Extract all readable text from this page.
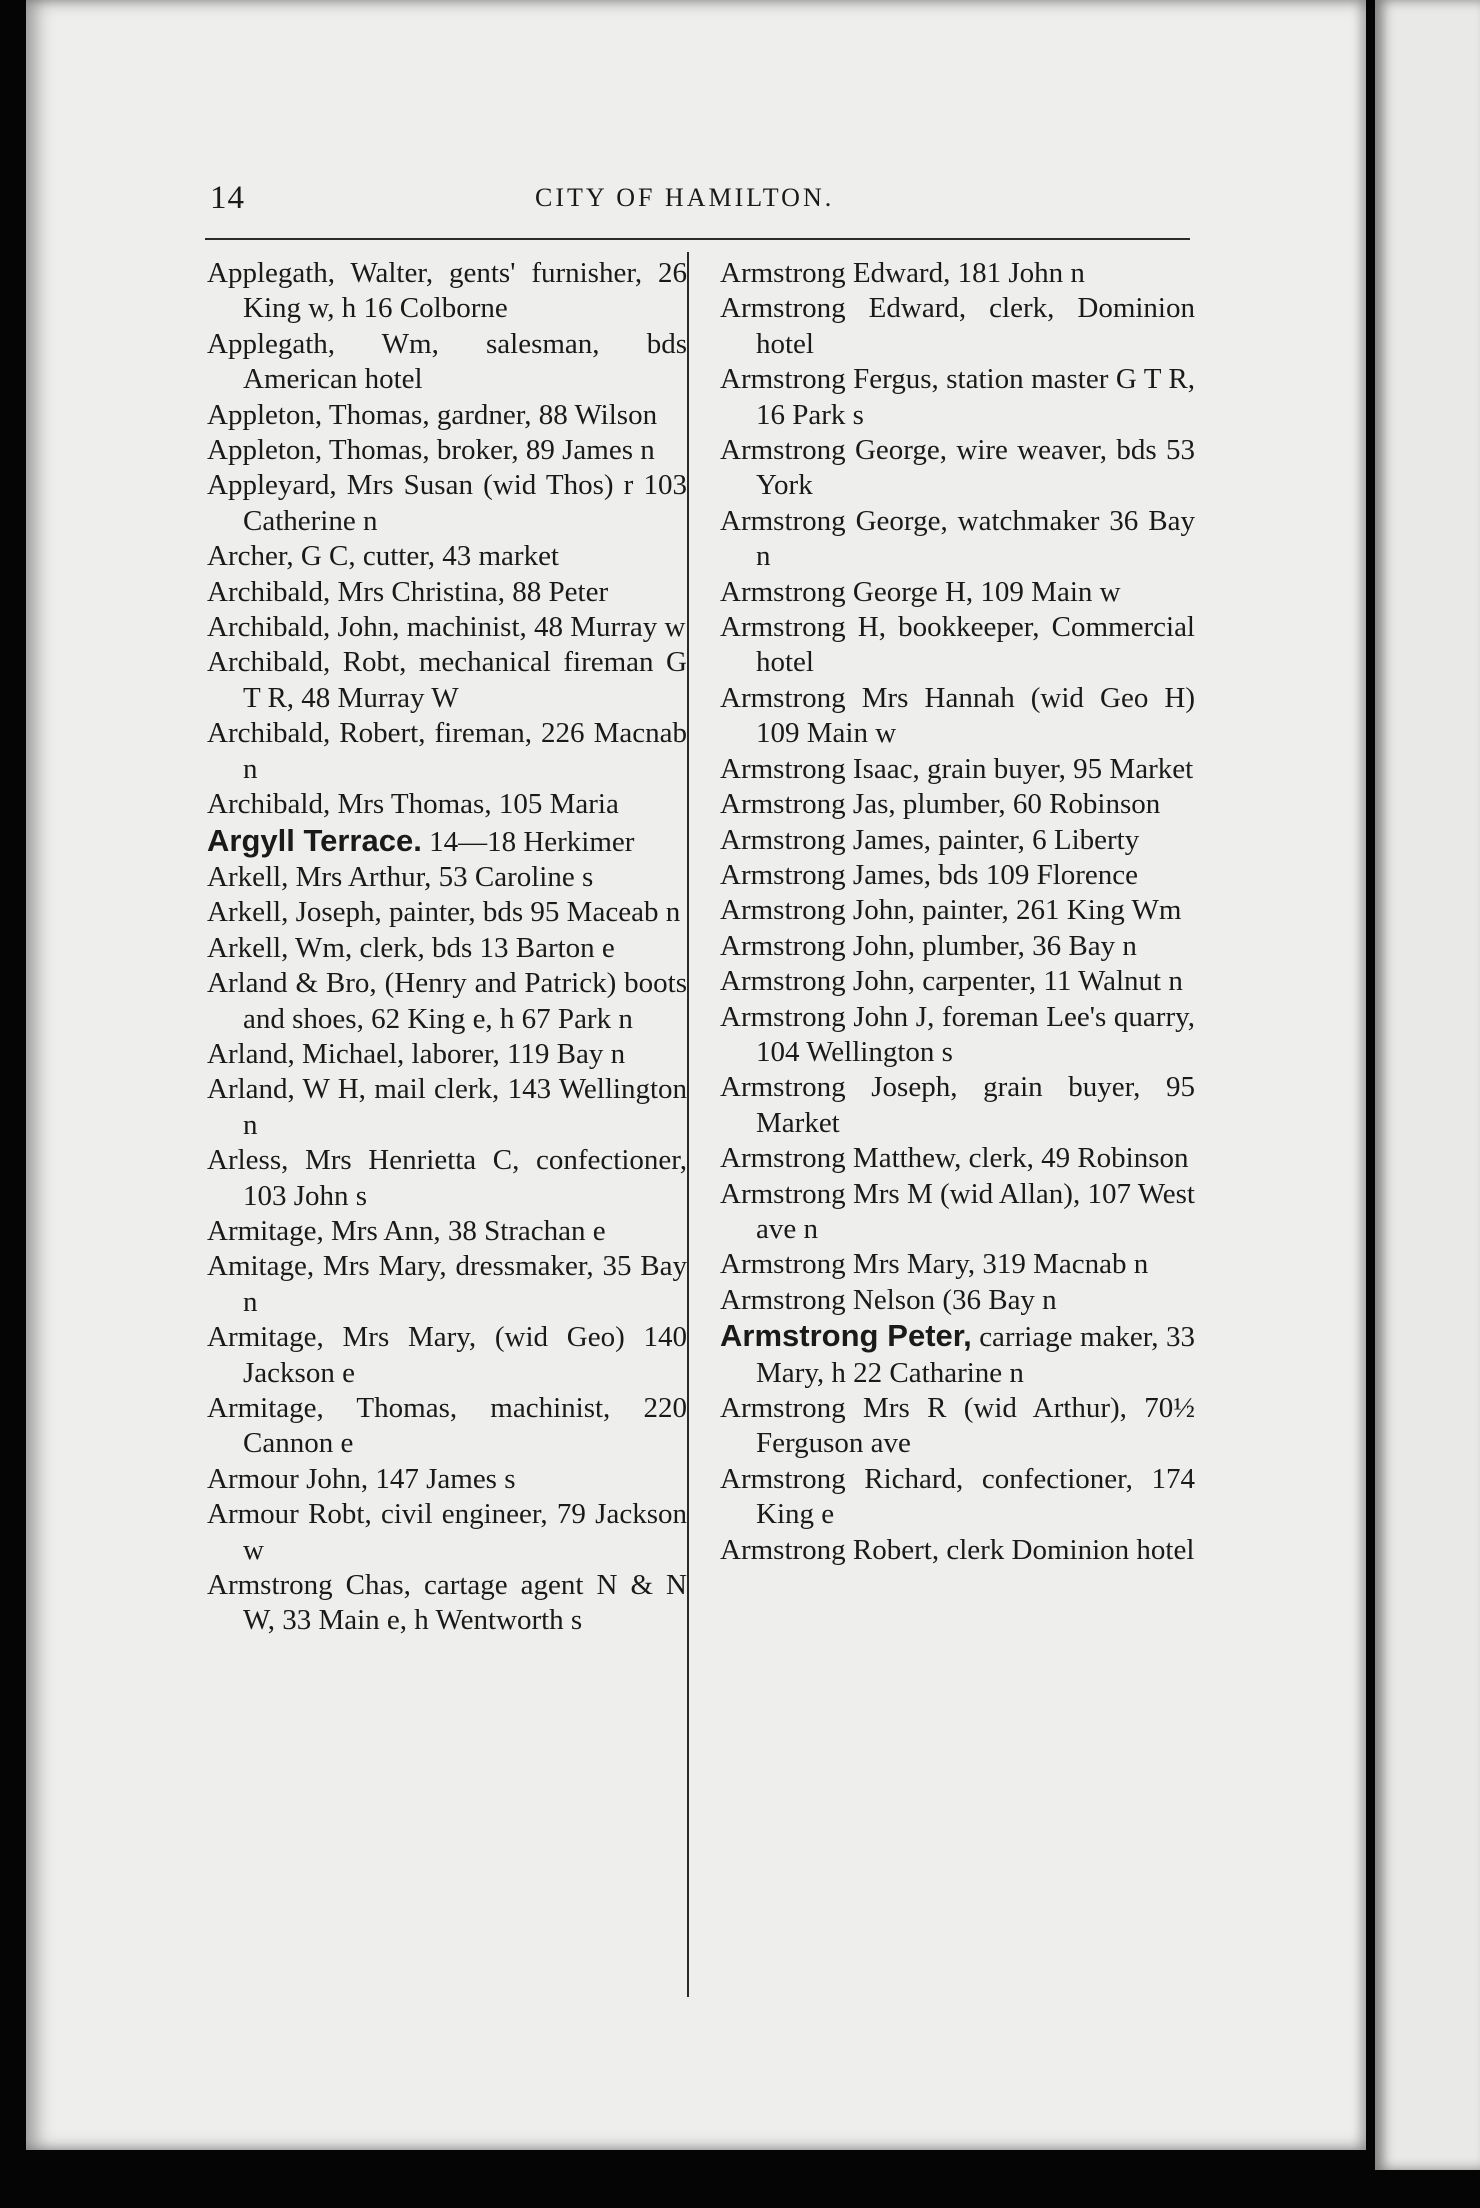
14	CITY OF HAMILTON.
Applegath, Walter, gents' furnisher, 26 King w, h 16 Colborne
Applegath, Wm, salesman, bds American hotel
Appleton, Thomas, gardner, 88 Wilson
Appleton, Thomas, broker, 89 James n
Appleyard, Mrs Susan (wid Thos) r 103 Catherine n
Archer, G C, cutter, 43 market
Archibald, Mrs Christina, 88 Peter
Archibald, John, machinist, 48 Murray w
Archibald, Robt, mechanical fireman G T R, 48 Murray W
Archibald, Robert, fireman, 226 Macnab n
Archibald, Mrs Thomas, 105 Maria
Argyll Terrace. 14—18 Herkimer
Arkell, Mrs Arthur, 53 Caroline s
Arkell, Joseph, painter, bds 95 Maceab n
Arkell, Wm, clerk, bds 13 Barton e
Arland & Bro, (Henry and Patrick) boots and shoes, 62 King e, h 67 Park n
Arland, Michael, laborer, 119 Bay n
Arland, W H, mail clerk, 143 Wellington n
Arless, Mrs Henrietta C, confectioner, 103 John s
Armitage, Mrs Ann, 38 Strachan e
Amitage, Mrs Mary, dressmaker, 35 Bay n
Armitage, Mrs Mary, (wid Geo) 140 Jackson e
Armitage, Thomas, machinist, 220 Cannon e
Armour John, 147 James s
Armour Robt, civil engineer, 79 Jackson w
Armstrong Chas, cartage agent N & N W, 33 Main e, h Wentworth s
Armstrong Edward, 181 John n
Armstrong Edward, clerk, Dominion hotel
Armstrong Fergus, station master G T R, 16 Park s
Armstrong George, wire weaver, bds 53 York
Armstrong George, watchmaker 36 Bay n
Armstrong George H, 109 Main w
Armstrong H, bookkeeper, Commercial hotel
Armstrong Mrs Hannah (wid Geo H) 109 Main w
Armstrong Isaac, grain buyer, 95 Market
Armstrong Jas, plumber, 60 Robinson
Armstrong James, painter, 6 Liberty
Armstrong James, bds 109 Florence
Armstrong John, painter, 261 King Wm
Armstrong John, plumber, 36 Bay n
Armstrong John, carpenter, 11 Walnut n
Armstrong John J, foreman Lee's quarry, 104 Wellington s
Armstrong Joseph, grain buyer, 95 Market
Armstrong Matthew, clerk, 49 Robinson
Armstrong Mrs M (wid Allan), 107 West ave n
Armstrong Mrs Mary, 319 Macnab n
Armstrong Nelson (36 Bay n
Armstrong Peter, carriage maker, 33 Mary, h 22 Catharine n
Armstrong Mrs R (wid Arthur), 70½ Ferguson ave
Armstrong Richard, confectioner, 174 King e
Armstrong Robert, clerk Dominion hotel
